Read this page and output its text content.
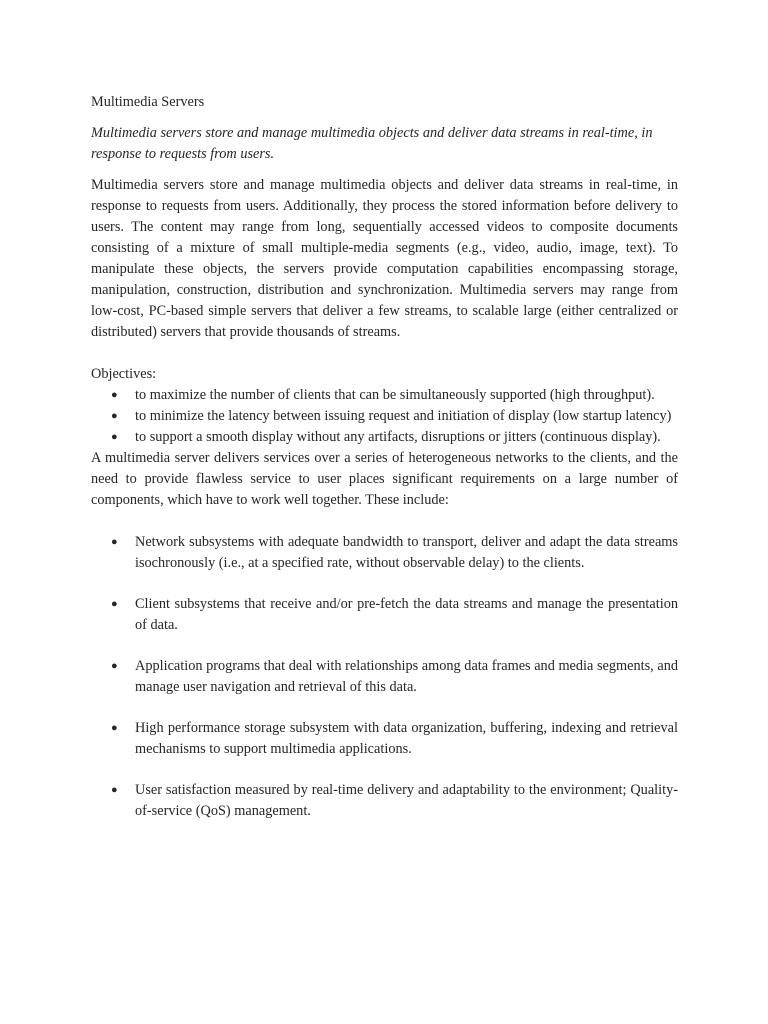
Multimedia Servers

Multimedia servers store and manage multimedia objects and deliver data streams in real-time, in response to requests from users.

Multimedia servers store and manage multimedia objects and deliver data streams in real-time, in response to requests from users. Additionally, they process the stored information before delivery to users. The content may range from long, sequentially accessed videos to composite documents consisting of a mixture of small multiple-media segments (e.g., video, audio, image, text). To manipulate these objects, the servers provide computation capabilities encompassing storage, manipulation, construction, distribution and synchronization. Multimedia servers may range from low-cost, PC-based simple servers that deliver a few streams, to scalable large (either centralized or distributed) servers that provide thousands of streams.

Objectives:

● to maximize the number of clients that can be simultaneously supported (high throughput).
● to minimize the latency between issuing request and initiation of display (low startup latency)
● to support a smooth display without any artifacts, disruptions or jitters (continuous display).

A multimedia server delivers services over a series of heterogeneous networks to the clients, and the need to provide flawless service to user places significant requirements on a large number of components, which have to work well together. These include:

● Network subsystems with adequate bandwidth to transport, deliver and adapt the data streams isochronously (i.e., at a specified rate, without observable delay) to the clients.
● Client subsystems that receive and/or pre-fetch the data streams and manage the presentation of data.
● Application programs that deal with relationships among data frames and media segments, and manage user navigation and retrieval of this data.
● High performance storage subsystem with data organization, buffering, indexing and retrieval mechanisms to support multimedia applications.
● User satisfaction measured by real-time delivery and adaptability to the environment; Quality-of-service (QoS) management.
